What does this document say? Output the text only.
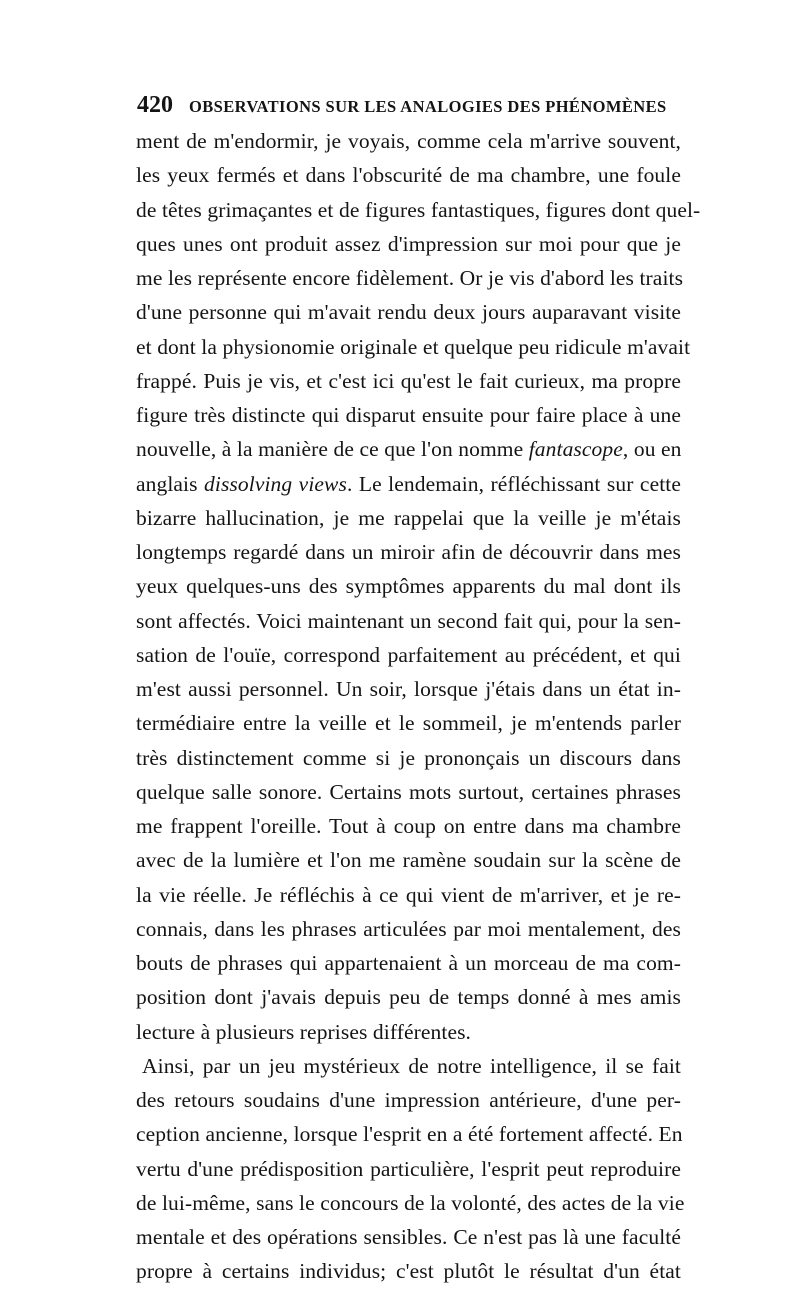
420 OBSERVATIONS SUR LES ANALOGIES DES PHÉNOMÈNES
ment de m'endormir, je voyais, comme cela m'arrive souvent,
les yeux fermés et dans l'obscurité de ma chambre, une foule
de têtes grimaçantes et de figures fantastiques, figures dont quel-
ques unes ont produit assez d'impression sur moi pour que je
me les représente encore fidèlement. Or je vis d'abord les traits
d'une personne qui m'avait rendu deux jours auparavant visite
et dont la physionomie originale et quelque peu ridicule m'avait
frappé. Puis je vis, et c'est ici qu'est le fait curieux, ma propre
figure très distincte qui disparut ensuite pour faire place à une
nouvelle, à la manière de ce que l'on nomme fantascope, ou en
anglais dissolving views. Le lendemain, réfléchissant sur cette
bizarre hallucination, je me rappelai que la veille je m'étais
longtemps regardé dans un miroir afin de découvrir dans mes
yeux quelques-uns des symptômes apparents du mal dont ils
sont affectés. Voici maintenant un second fait qui, pour la sen-
sation de l'ouïe, correspond parfaitement au précédent, et qui
m'est aussi personnel. Un soir, lorsque j'étais dans un état in-
termédiaire entre la veille et le sommeil, je m'entends parler
très distinctement comme si je prononçais un discours dans
quelque salle sonore. Certains mots surtout, certaines phrases
me frappent l'oreille. Tout à coup on entre dans ma chambre
avec de la lumière et l'on me ramène soudain sur la scène de
la vie réelle. Je réfléchis à ce qui vient de m'arriver, et je re-
connais, dans les phrases articulées par moi mentalement, des
bouts de phrases qui appartenaient à un morceau de ma com-
position dont j'avais depuis peu de temps donné à mes amis
lecture à plusieurs reprises différentes.
Ainsi, par un jeu mystérieux de notre intelligence, il se fait
des retours soudains d'une impression antérieure, d'une per-
ception ancienne, lorsque l'esprit en a été fortement affecté. En
vertu d'une prédisposition particulière, l'esprit peut reproduire
de lui-même, sans le concours de la volonté, des actes de la vie
mentale et des opérations sensibles. Ce n'est pas là une faculté
propre à certains individus; c'est plutôt le résultat d'un état
